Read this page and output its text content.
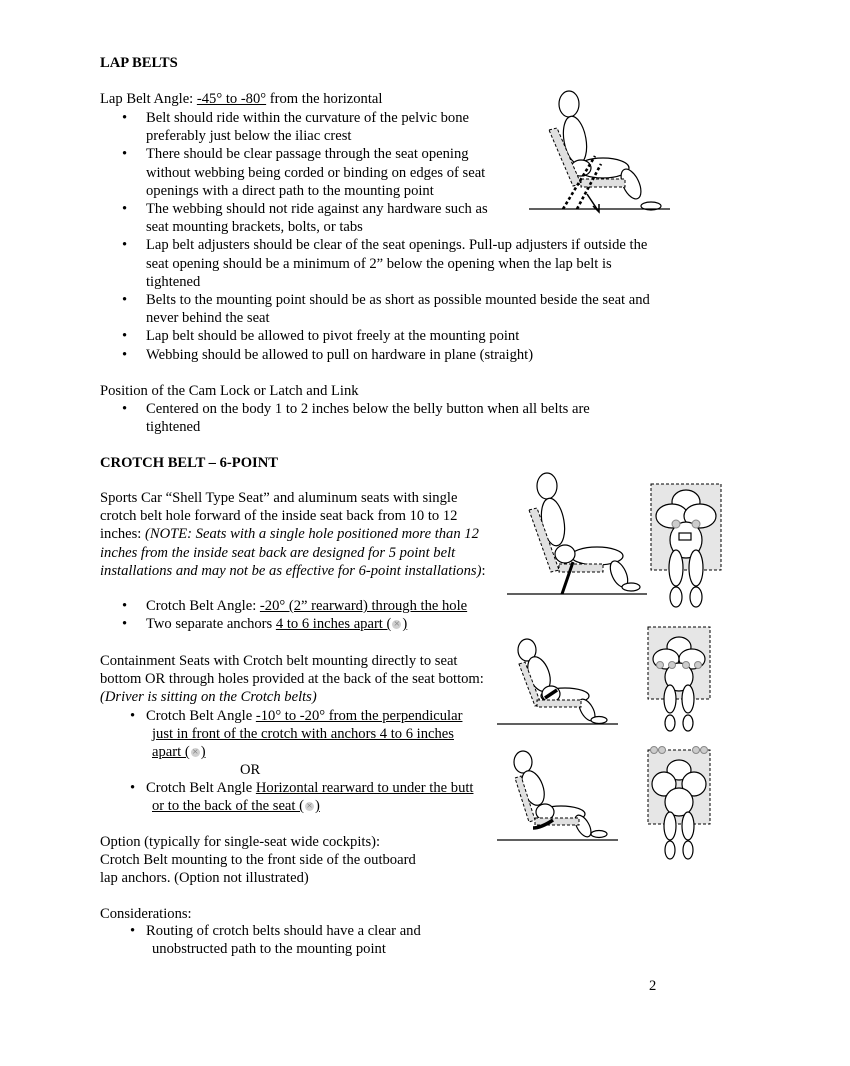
LAP BELTS

Lap Belt Angle: -45° to -80° from the horizontal

• Belt should ride within the curvature of the pelvic bone preferably just below the iliac crest
• There should be clear passage through the seat opening without webbing being corded or binding on edges of seat openings with a direct path to the mounting point
• The webbing should not ride against any hardware such as seat mounting brackets, bolts, or tabs
• Lap belt adjusters should be clear of the seat openings. Pull-up adjusters if outside the seat opening should be a minimum of 2” below the opening when the lap belt is tightened
• Belts to the mounting point should be as short as possible mounted beside the seat and never behind the seat
• Lap belt should be allowed to pivot freely at the mounting point
• Webbing should be allowed to pull on hardware in plane (straight)

Position of the Cam Lock or Latch and Link

• Centered on the body 1 to 2 inches below the belly button when all belts are tightened
CROTCH BELT – 6-POINT

Sports Car “Shell Type Seat” and aluminum seats with single crotch belt hole forward of the inside seat back from 10 to 12 inches: (NOTE: Seats with a single hole positioned more than 12 inches from the inside seat back are designed for 5 point belt installations and may not be as effective for 6-point installations):

• Crotch Belt Angle: -20° (2” rearward) through the hole
• Two separate anchors 4 to 6 inches apart ( × )

Containment Seats with Crotch belt mounting directly to seat bottom OR through holes provided at the back of the seat bottom: (Driver is sitting on the Crotch belts)

• Crotch Belt Angle -10° to -20° from the perpendicular
just in front of the crotch with anchors 4 to 6 inches
apart ( × )

OR

• Crotch Belt Angle Horizontal rearward to under the butt
or to the back of the seat ( × )

Option (typically for single-seat wide cockpits):

Crotch Belt mounting to the front side of the outboard

lap anchors. (Option not illustrated)

Considerations:

• Routing of crotch belts should have a clear and
unobstructed path to the mounting point

2
